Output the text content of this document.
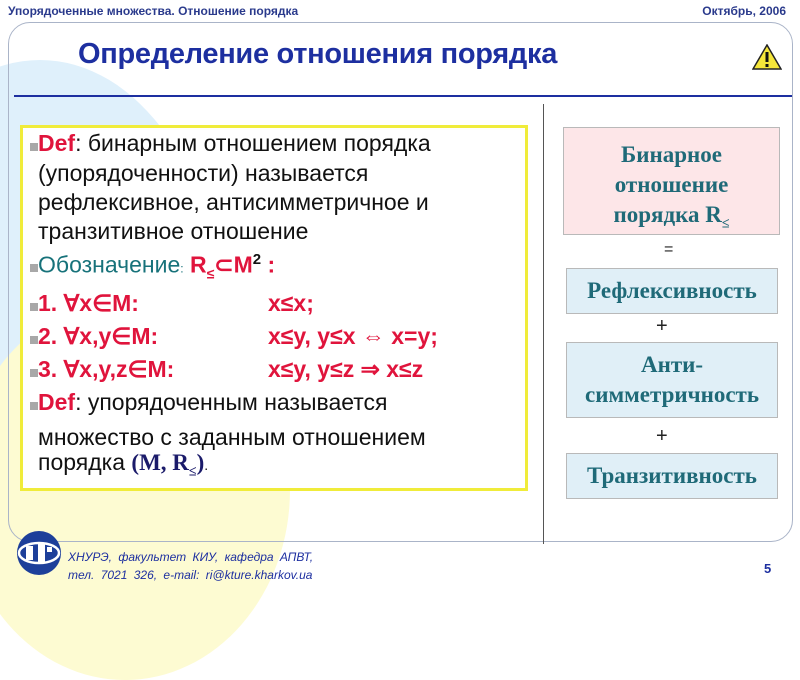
Упорядоченные множества. Отношение порядка	Октябрь, 2006
Определение отношения порядка
Def: бинарным отношением порядка
(упорядоченности) называется
рефлексивное, антисимметричное и
транзитивное отношение
Обозначение: $R_\le\subset M^2$ :
1. ∀x∈M:	x≤x;
2. ∀x,y∈M:	x≤y, y≤x ⇔ x=y;
3. ∀x,y,z∈M:	x≤y, y≤z ⇒ x≤z
Def: упорядоченным называется
множество с заданным отношением
порядка (M, $R_\le$).
Бинарное
отношение
порядка $R_\le$
=
Рефлексивность
+
Анти-
симметричность
+
Транзитивность
ХНУРЭ, факультет КИУ, кафедра АПВТ,
тел. 7021 326, e-mail: ri@kture.kharkov.ua	5
